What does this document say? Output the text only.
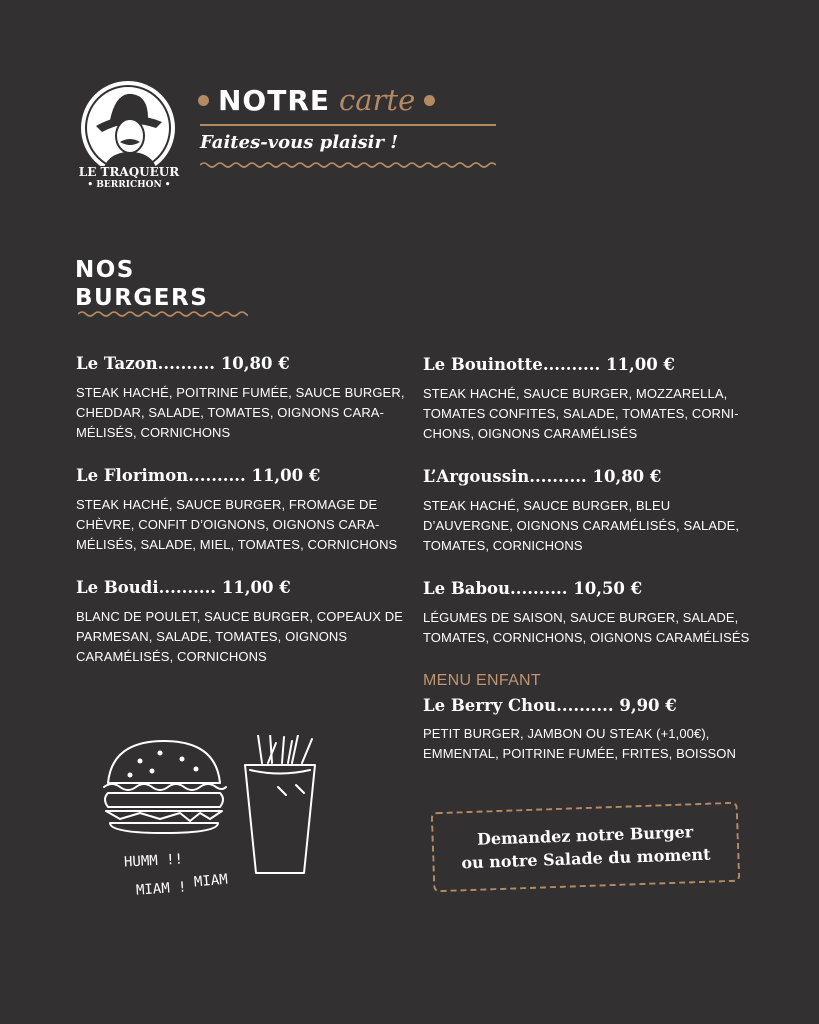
LE TRAQUEUR
• BERRICHON •
NOTRE carte
Faites-vous plaisir !
NOS
BURGERS
Le Tazon.......... 10,80 €

STEAK HACHÉ, POITRINE FUMÉE, SAUCE BURGER, CHEDDAR, SALADE, TOMATES, OIGNONS CARA-MÉLISÉS, CORNICHONS

Le Florimon.......... 11,00 €

STEAK HACHÉ, SAUCE BURGER, FROMAGE DE CHÈVRE, CONFIT D’OIGNONS, OIGNONS CARA-MÉLISÉS, SALADE, MIEL, TOMATES, CORNICHONS

Le Boudi.......... 11,00 €

BLANC DE POULET, SAUCE BURGER, COPEAUX DE PARMESAN, SALADE, TOMATES, OIGNONS CARAMÉLISÉS, CORNICHONS

Le Bouinotte.......... 11,00 €

STEAK HACHÉ, SAUCE BURGER, MOZZARELLA, TOMATES CONFITES, SALADE, TOMATES, CORNI-CHONS, OIGNONS CARAMÉLISÉS

L’Argoussin.......... 10,80 €

STEAK HACHÉ, SAUCE BURGER, BLEU D’AUVERGNE, OIGNONS CARAMÉLISÉS, SALADE, TOMATES, CORNICHONS

Le Babou.......... 10,50 €

LÉGUMES DE SAISON, SAUCE BURGER, SALADE, TOMATES, CORNICHONS, OIGNONS CARAMÉLISÉS

MENU ENFANT
Le Berry Chou.......... 9,90 €

PETIT BURGER, JAMBON OU STEAK (+1,00€), EMMENTAL, POITRINE FUMÉE, FRITES, BOISSON

HUMM !!
MIAM ! MIAM
Demandez notre Burger
ou notre Salade du moment
